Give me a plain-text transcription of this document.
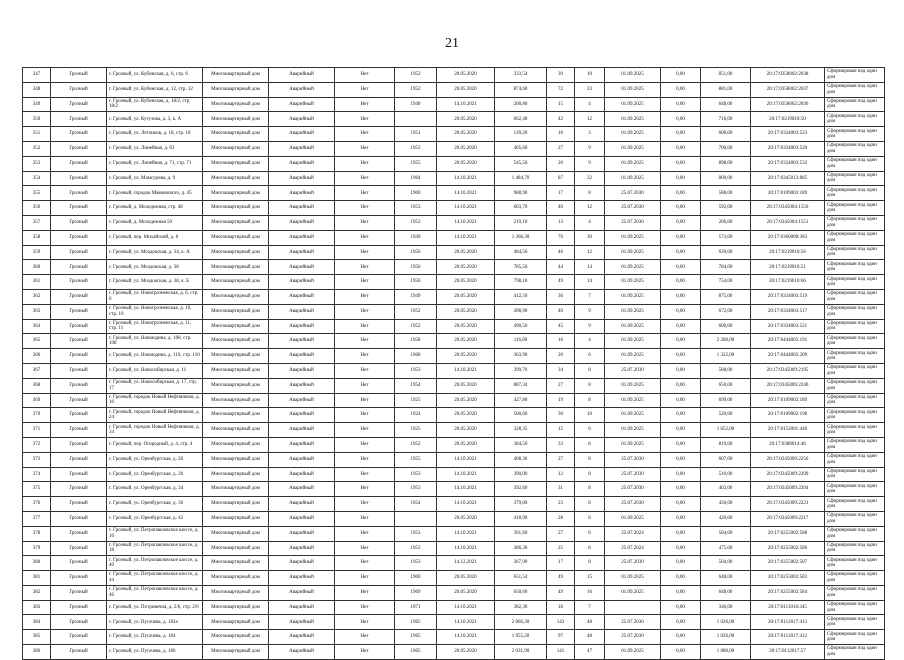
21
347	Грозный	г. Грозный, ул. Кубинская, д. 6, стр. 6	Многоквартирный дом	Аварийный	Нет	1952	20.05.2020	333,54	39	10	01.09.2025	0,00	851,00	20:17:0358002:2038	Сформирован под один дом
348	Грозный	г. Грозный, ул. Кубинская, д. 12, стр. 12	Многоквартирный дом	Аварийный	Нет	1952	20.05.2020	874,60	72	23	01.09.2025	0,00	881,00	20:17:0358002:2037	Сформирован под один дом
349	Грозный	г. Грозный, ул. Кубинская, д. 18/2, стр. 18/2	Многоквартирный дом	Аварийный	Нет	1940	14.10.2021	200,80	15	4	01.09.2025	0,00	648,00	20:17:0358002:2036	Сформирован под один дом
350	Грозный	г. Грозный, ул. Кутузова, д. 3, к. А	Многоквартирный дом	Аварийный	Нет		20.05.2020	662,40	42	12	01.09.2025	0,00	716,00	20:17:0219010:50	Сформирован под один дом
351	Грозный	г. Грозный, ул. Летчиков, д. 18, стр. 18	Многоквартирный дом	Аварийный	Нет	1951	20.05.2020	139,20	16	3	01.09.2025	0,00	600,00	20:17:0334003:523	Сформирован под один дом
352	Грозный	г. Грозный, ул. Линейная, д. 63	Многоквартирный дом	Аварийный	Нет	1953	20.05.2020	405,60	27	9	01.09.2025	0,00	700,00	20:17:0334003:520	Сформирован под один дом
353	Грозный	г. Грозный, ул. Линейная, д. 71, стр. 71	Многоквартирный дом	Аварийный	Нет	1955	20.05.2020	545,56	20	9	01.09.2025	0,00	898,00	20:17:0334003:532	Сформирован под один дом
354	Грозный	г. Грозный, ул. Мамсурова, д. 9	Многоквартирный дом	Аварийный	Нет	1964	14.10.2021	1 484,70	87	32	01.09.2025	0,00	860,00	20:17:0345013:885	Сформирован под один дом
355	Грозный	г. Грозный, городок Маяковского, д. 45	Многоквартирный дом	Аварийный	Нет	1960	14.10.2021	988,90	17	8	25.07.2030	0,00	588,00	20:17:0109003:189	Сформирован под один дом
356	Грозный	г. Грозный, д. Молодежная, стр. 48	Многоквартирный дом	Аварийный	Нет	1953	14.10.2021	603,70	40	12	25.07.2030	0,00	592,00	20:17:0345004:1550	Сформирован под один дом
357	Грозный	г. Грозный, д. Молодежная 50	Многоквартирный дом	Аварийный	Нет	1953	14.10.2021	219,10	13	4	25.07.2030	0,00	206,00	20:17:0345004:1551	Сформирован под один дом
358	Грозный	г. Грозный, пер. Михайский, д. 8	Многоквартирный дом	Аварийный	Нет	1949	14.10.2021	1 366,30	76	30	01.09.2025	0,00	573,00	20:17:0360008:383	Сформирован под один дом
359	Грозный	г. Грозный, ул. Моздокская, д. 34, к. А	Многоквартирный дом	Аварийный	Нет	1956	20.05.2020	484,56	46	12	01.09.2025	0,00	639,00	20:17:0219010:56	Сформирован под один дом
360	Грозный	г. Грозный, ул. Моздокская, д. 38	Многоквартирный дом	Аварийный	Нет	1956	20.05.2020	785,56	44	14	01.09.2025	0,00	784,00	20:17:0219010:51	Сформирован под один дом
361	Грозный	г. Грозный, ул. Моздокская, д. 38, к. Б	Многоквартирный дом	Аварийный	Нет	1956	20.05.2020	798,10	49	14	01.09.2025	0,00	754,00	20:17:0219010:66	Сформирован под один дом
362	Грозный	г. Грозный, ул. Новогрозненская, д. 6, стр. 6	Многоквартирный дом	Аварийный	Нет	1949	20.05.2020	412,50	36	7	01.09.2025	0,00	875,00	20:17:0334003:519	Сформирован под один дом
363	Грозный	г. Грозный, ул. Новогрозненская, д. 10, стр. 10	Многоквартирный дом	Аварийный	Нет	1952	20.05.2020	498,90	40	9	01.09.2025	0,00	672,00	20:17:0334003:517	Сформирован под один дом
364	Грозный	г. Грозный, ул. Новогрозненская, д. 11, стр. 11	Многоквартирный дом	Аварийный	Нет	1952	20.05.2020	490,50	45	9	01.09.2025	0,00	600,00	20:17:0334003:521	Сформирован под один дом
365	Грозный	г. Грозный, ул. Новоюдина, д. 108, стр. 108	Многоквартирный дом	Аварийный	Нет	1958	20.05.2020	116,80	16	4	01.09.2025	0,00	2 280,00	20:17:0444005:191	Сформирован под один дом
366	Грозный	г. Грозный, ул. Новоюдина, д. 110, стр. 110	Многоквартирный дом	Аварийный	Нет	1968	20.05.2020	363,90	20	6	01.09.2025	0,00	1 322,00	20:17:0444005:209	Сформирован под один дом
367	Грозный	г. Грозный, ул. Новосибирская, д. 11	Многоквартирный дом	Аварийный	Нет	1953	14.10.2021	399,76	34	8	25.07.2030	0,00	588,00	20:17:0345009:2195	Сформирован под один дом
368	Грозный	г. Грозный, ул. Новосибирская, д. 17, стр. 17	Многоквартирный дом	Аварийный	Нет	1954	20.05.2020	887,34	27	8	01.09.2025	0,00	650,00	20:17:0345009:2240	Сформирован под один дом
369	Грозный	г. Грозный, городок Новый Нефтяников, д. 16	Многоквартирный дом	Аварийный	Нет	1925	20.05.2020	427,80	19	8	01.09.2025	0,00	699,00	20:17:0109002:189	Сформирован под один дом
370	Грозный	г. Грозный, городок Новый Нефтяников, д. 24	Многоквартирный дом	Аварийный	Нет	1924	20.05.2020	500,60	30	10	01.09.2025	0,00	520,00	20:17:0109002:198	Сформирован под один дом
371	Грозный	г. Грозный, городок Новый Нефтяников, д. 34	Многоквартирный дом	Аварийный	Нет	1925	20.05.2020	328,35	15	6	01.09.2025	0,00	1 652,00	20:17:0152001:440	Сформирован под один дом
372	Грозный	г. Грозный, пер. Огородный, д. 4, стр. 4	Многоквартирный дом	Аварийный	Нет	1952	20.05.2020	384,50	33	8	01.09.2025	0,00	819,00	20:17:0380014:46	Сформирован под один дом
373	Грозный	г. Грозный, ул. Оренбургская, д. 26	Многоквартирный дом	Аварийный	Нет	1955	14.10.2021	408,30	27	8	25.07.2030	0,00	607,00	20:17:0345009:2256	Сформирован под один дом
374	Грозный	г. Грозный, ул. Оренбургская, д. 30	Многоквартирный дом	Аварийный	Нет	1953	14.10.2021	390,00	12	8	25.07.2030	0,00	510,00	20:17:0345009:2209	Сформирован под один дом
375	Грозный	г. Грозный, ул. Оренбургская, д. 34	Многоквартирный дом	Аварийный	Нет	1953	14.10.2021	392,60	31	8	25.07.2030	0,00	462,00	20:17:0345009:2204	Сформирован под один дом
376	Грозный	г. Грозный, ул. Оренбургская, д. 36	Многоквартирный дом	Аварийный	Нет	1954	14.10.2021	379,00	23	8	25.07.2030	0,00	450,00	20:17:0345009:2221	Сформирован под один дом
377	Грозный	г. Грозный, ул. Оренбургская, д. 42	Многоквартирный дом	Аварийный	Нет		20.05.2020	418,90	28	8	01.09.2025	0,00	420,00	20:17:0345009:2217	Сформирован под один дом
378	Грозный	г. Грозный, ул. Петропавловское шоссе, д. 16	Многоквартирный дом	Аварийный	Нет	1953	14.10.2021	391,60	27	8	25.07.2024	0,00	504,00	20:17:0255002:588	Сформирован под один дом
379	Грозный	г. Грозный, ул. Петропавловское шоссе, д. 18	Многоквартирный дом	Аварийный	Нет	1953	14.10.2021	386,30	25	8	25.07.2024	0,00	475,00	20:17:0255002:586	Сформирован под один дом
380	Грозный	г. Грозный, ул. Петропавловское шоссе, д. 40	Многоквартирный дом	Аварийный	Нет	1953	14.12.2021	367,90	17	8	25.07.2030	0,00	504,00	20:17:0255002:587	Сформирован под один дом
381	Грозный	г. Грозный, ул. Петропавловское шоссе, д. 44	Многоквартирный дом	Аварийный	Нет	1960	20.05.2020	651,54	49	15	01.09.2025	0,00	648,00	20:17:0255002:583	Сформирован под один дом
382	Грозный	г. Грозный, ул. Петропавловское шоссе, д. 46	Многоквартирный дом	Аварийный	Нет	1969	20.05.2020	650,60	49	16	01.09.2025	0,00	648,00	20:17:0255002:584	Сформирован под один дом
383	Грозный	г. Грозный, ул. Потривечна, д. 2/6, стр. 2/6	Многоквартирный дом	Аварийный	Нет	1971	14.10.2021	382,30	18	7		0,00	346,00	20:17:0111010:345	Сформирован под один дом
384	Грозный	г. Грозный, ул. Пугачева, д. 182а	Многоквартирный дом	Аварийный	Нет	1965	14.10.2021	2 066,30	143	48	25.07.2030	0,00	1 026,00	20:17:0112017:413	Сформирован под один дом
385	Грозный	г. Грозный, ул. Пугачева, д. 184	Многоквартирный дом	Аварийный	Нет	1965	14.10.2021	1 955,20	97	48	25.07.2030	0,00	1 026,00	20:17:0112017:412	Сформирован под один дом
386	Грозный	г. Грозный, ул. Пугачева, д. 186	Многоквартирный дом	Аварийный	Нет	1965	20.05.2020	2 031,90	141	47	01.09.2025	0,00	1 080,00	20:17:0112017:57	Сформирован под один дом
